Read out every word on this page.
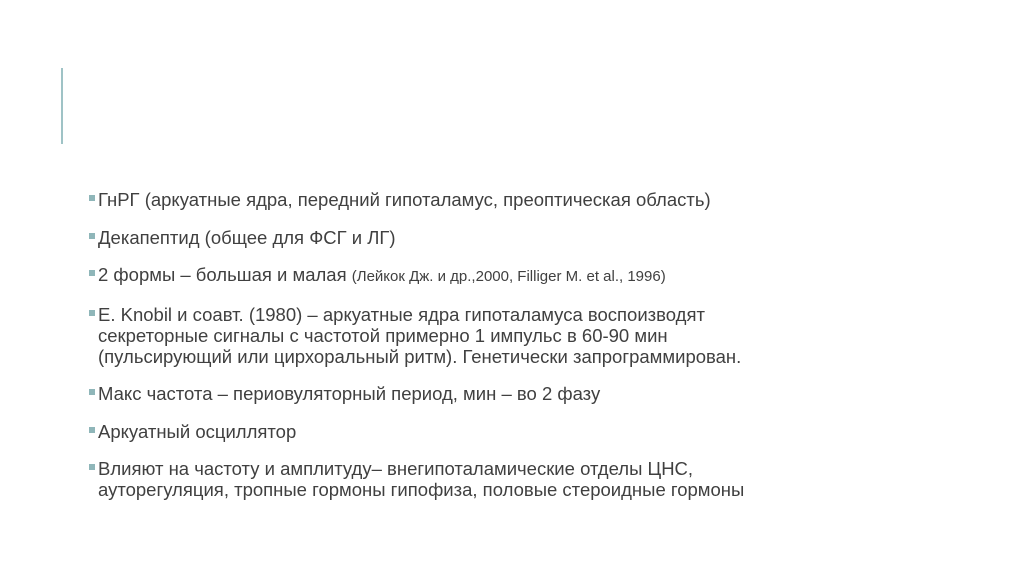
ГнРГ (аркуатные ядра, передний гипоталамус, преоптическая область)
Декапептид (общее для ФСГ и ЛГ)
2 формы – большая и малая (Лейкок Дж. и др.,2000, Filliger M. et al., 1996)
E. Knobil и соавт. (1980) – аркуатные ядра гипоталамуса воспоизводят
секреторные сигналы с частотой примерно 1 импульс в 60-90 мин
(пульсирующий или цирхоральный ритм). Генетически запрограммирован.
Макс частота – периовуляторный период, мин – во 2 фазу
Аркуатный осциллятор
Влияют на частоту и амплитуду– внегипоталамические отделы ЦНС,
ауторегуляция, тропные гормоны гипофиза, половые стероидные гормоны
